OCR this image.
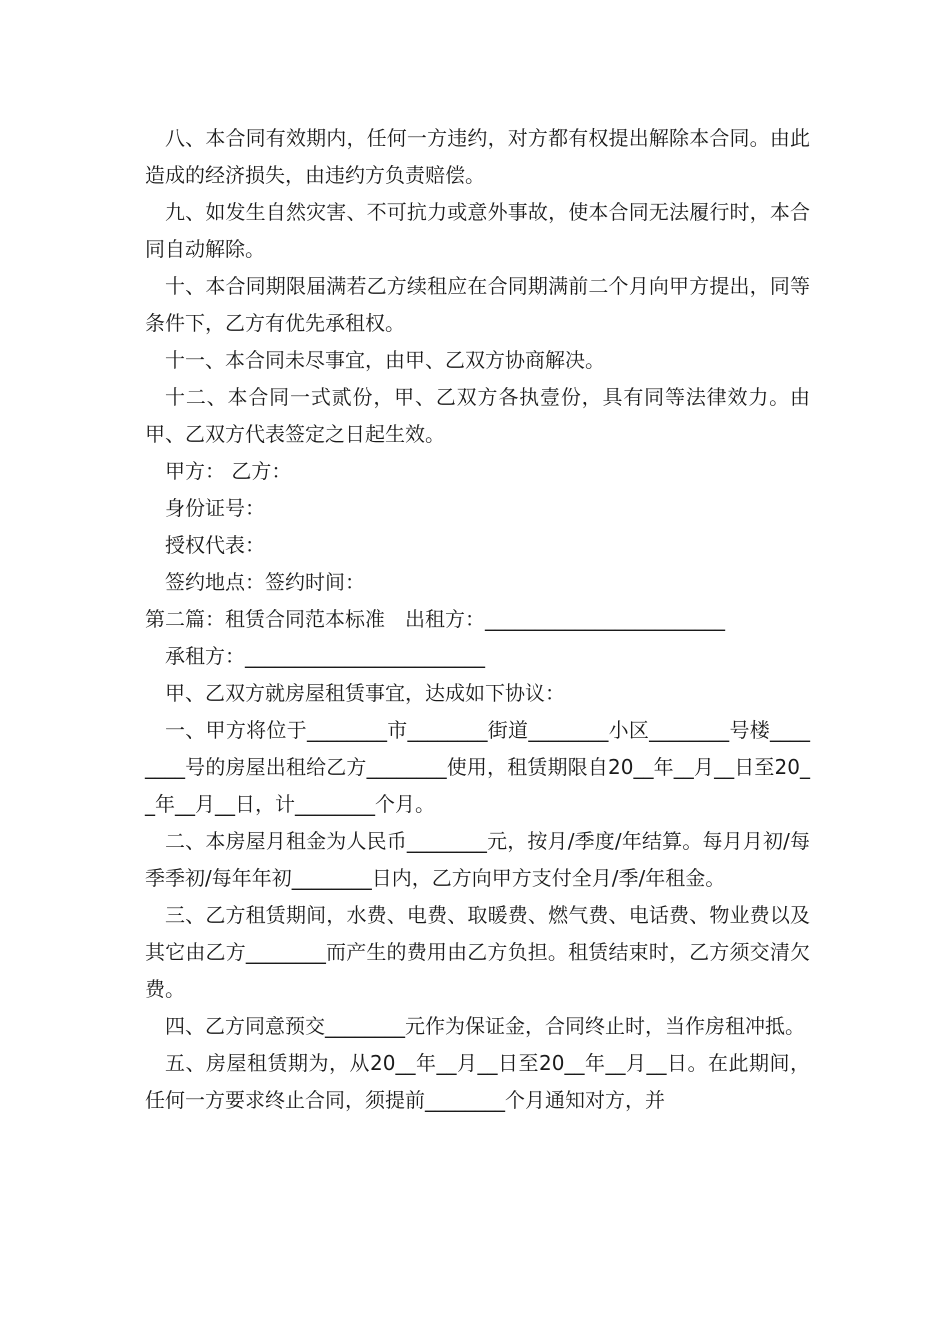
八、本合同有效期内，任何一方违约，对方都有权提出解除本合同。由此造成的经济损失，由违约方负责赔偿。

九、如发生自然灾害、不可抗力或意外事故，使本合同无法履行时，本合同自动解除。

十、本合同期限届满若乙方续租应在合同期满前二个月向甲方提出，同等条件下，乙方有优先承租权。

十一、本合同未尽事宜，由甲、乙双方协商解决。

十二、本合同一式贰份，甲、乙双方各执壹份，具有同等法律效力。由甲、乙双方代表签定之日起生效。

甲方： 乙方：

身份证号：

授权代表：

签约地点：签约时间：

第二篇：租赁合同范本标准　出租方：________________________

承租方：________________________

甲、乙双方就房屋租赁事宜，达成如下协议：

一、甲方将位于________市________街道________小区________号楼________号的房屋出租给乙方________使用，租赁期限自20__年__月__日至20__年__月__日，计________个月。

二、本房屋月租金为人民币________元，按月/季度/年结算。每月月初/每季季初/每年年初________日内，乙方向甲方支付全月/季/年租金。

三、乙方租赁期间，水费、电费、取暖费、燃气费、电话费、物业费以及其它由乙方________而产生的费用由乙方负担。租赁结束时，乙方须交清欠费。

四、乙方同意预交________元作为保证金，合同终止时，当作房租冲抵。

五、房屋租赁期为，从20__年__月__日至20__年__月__日。在此期间，任何一方要求终止合同，须提前________个月通知对方，并
